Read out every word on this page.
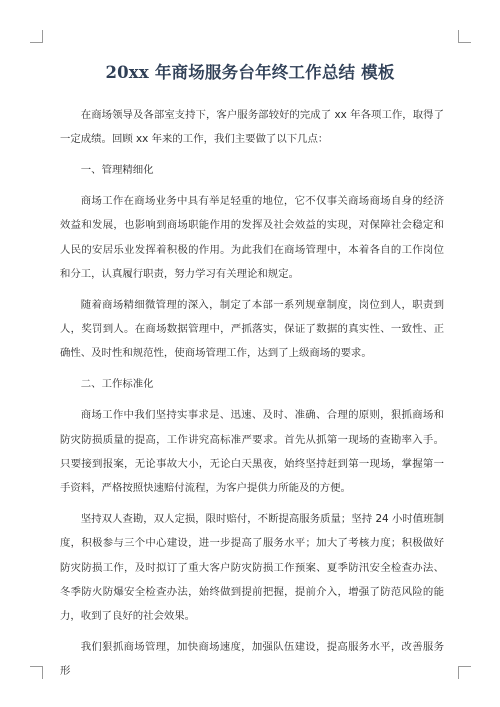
20xx 年商场服务台年终工作总结 模板

在商场领导及各部室支持下，客户服务部较好的完成了 xx 年各项工作，取得了一定成绩。回顾 xx 年来的工作，我们主要做了以下几点：

一、管理精细化

商场工作在商场业务中具有举足轻重的地位，它不仅事关商场商场自身的经济效益和发展，也影响到商场职能作用的发挥及社会效益的实现，对保障社会稳定和人民的安居乐业发挥着积极的作用。为此我们在商场管理中，本着各自的工作岗位和分工，认真履行职责，努力学习有关理论和规定。

随着商场精细微管理的深入，制定了本部一系列规章制度，岗位到人，职责到人，奖罚到人。在商场数据管理中，严抓落实，保证了数据的真实性、一致性、正确性、及时性和规范性，使商场管理工作，达到了上级商场的要求。

二、工作标准化

商场工作中我们坚持实事求是、迅速、及时、准确、合理的原则，狠抓商场和防灾防损质量的提高，工作讲究高标准严要求。首先从抓第一现场的查勘率入手。只要接到报案，无论事故大小，无论白天黑夜，始终坚持赶到第一现场，掌握第一手资料，严格按照快速赔付流程，为客户提供力所能及的方便。

坚持双人查勘，双人定损，限时赔付，不断提高服务质量；坚持 24 小时值班制度，积极参与三个中心建设，进一步提高了服务水平；加大了考核力度；积极做好防灾防损工作，及时拟订了重大客户防灾防损工作预案、夏季防汛安全检查办法、冬季防火防爆安全检查办法，始终做到提前把握，提前介入，增强了防范风险的能力，收到了良好的社会效果。

我们狠抓商场管理，加快商场速度，加强队伍建设，提高服务水平，改善服务形
